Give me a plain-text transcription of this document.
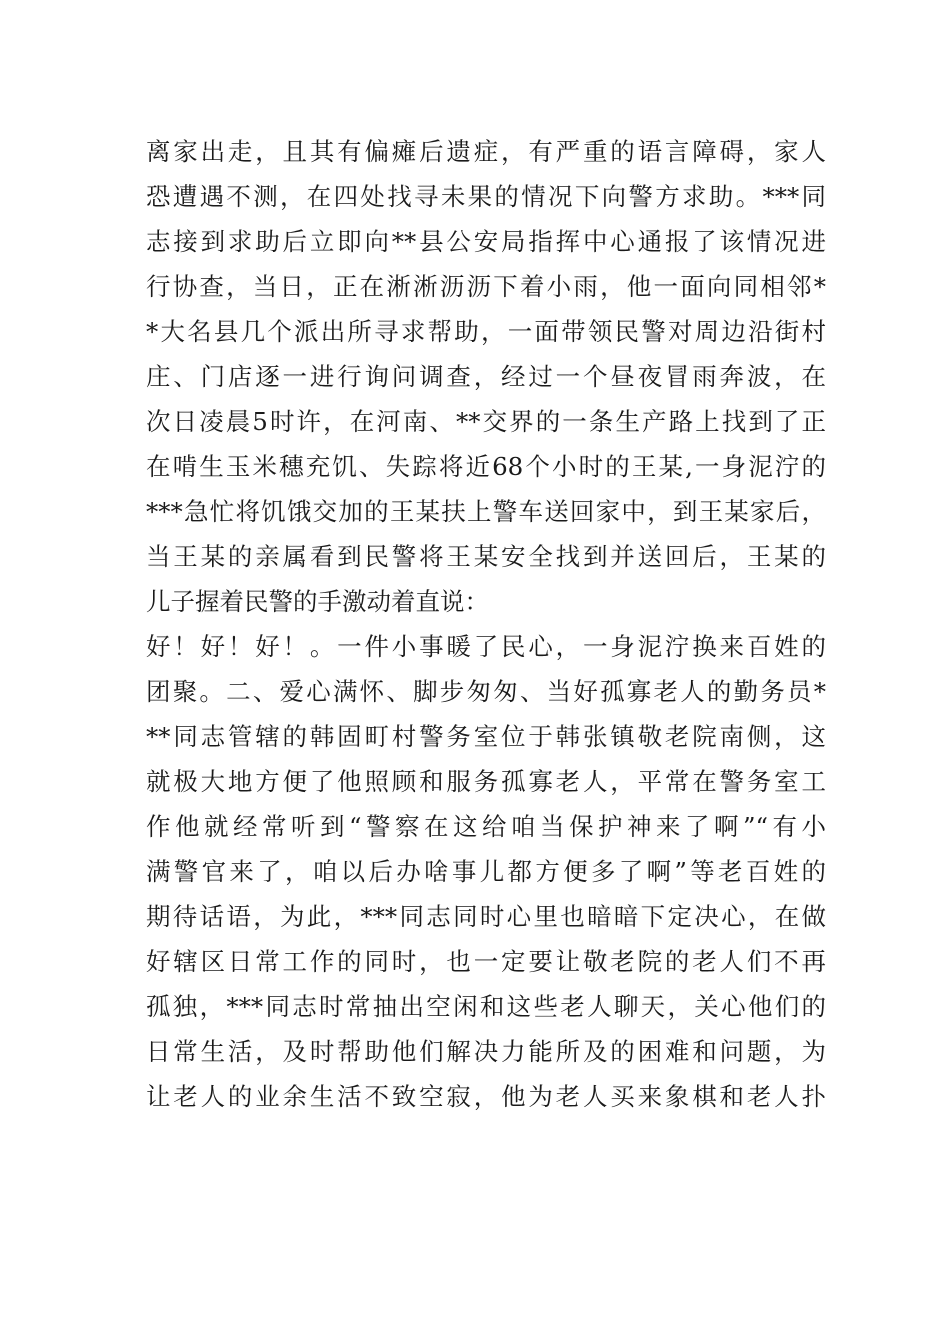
离家出走，且其有偏瘫后遗症，有严重的语言障碍，家人
恐遭遇不测，在四处找寻未果的情况下向警方求助。***同
志接到求助后立即向**县公安局指挥中心通报了该情况进
行协查，当日，正在淅淅沥沥下着小雨，他一面向同相邻*
*大名县几个派出所寻求帮助，一面带领民警对周边沿街村
庄、门店逐一进行询问调查，经过一个昼夜冒雨奔波，在
次日凌晨5时许，在河南、**交界的一条生产路上找到了正
在啃生玉米穗充饥、失踪将近68个小时的王某,一身泥泞的
***急忙将饥饿交加的王某扶上警车送回家中，到王某家后，
当王某的亲属看到民警将王某安全找到并送回后，王某的
儿子握着民警的手激动着直说：
好！好！好！。一件小事暖了民心，一身泥泞换来百姓的
团聚。二、爱心满怀、脚步匆匆、当好孤寡老人的勤务员*
**同志管辖的韩固町村警务室位于韩张镇敬老院南侧，这
就极大地方便了他照顾和服务孤寡老人，平常在警务室工
作他就经常听到“警察在这给咱当保护神来了啊”“有小
满警官来了，咱以后办啥事儿都方便多了啊”等老百姓的
期待话语，为此，***同志同时心里也暗暗下定决心，在做
好辖区日常工作的同时，也一定要让敬老院的老人们不再
孤独，***同志时常抽出空闲和这些老人聊天，关心他们的
日常生活，及时帮助他们解决力能所及的困难和问题，为
让老人的业余生活不致空寂，他为老人买来象棋和老人扑
